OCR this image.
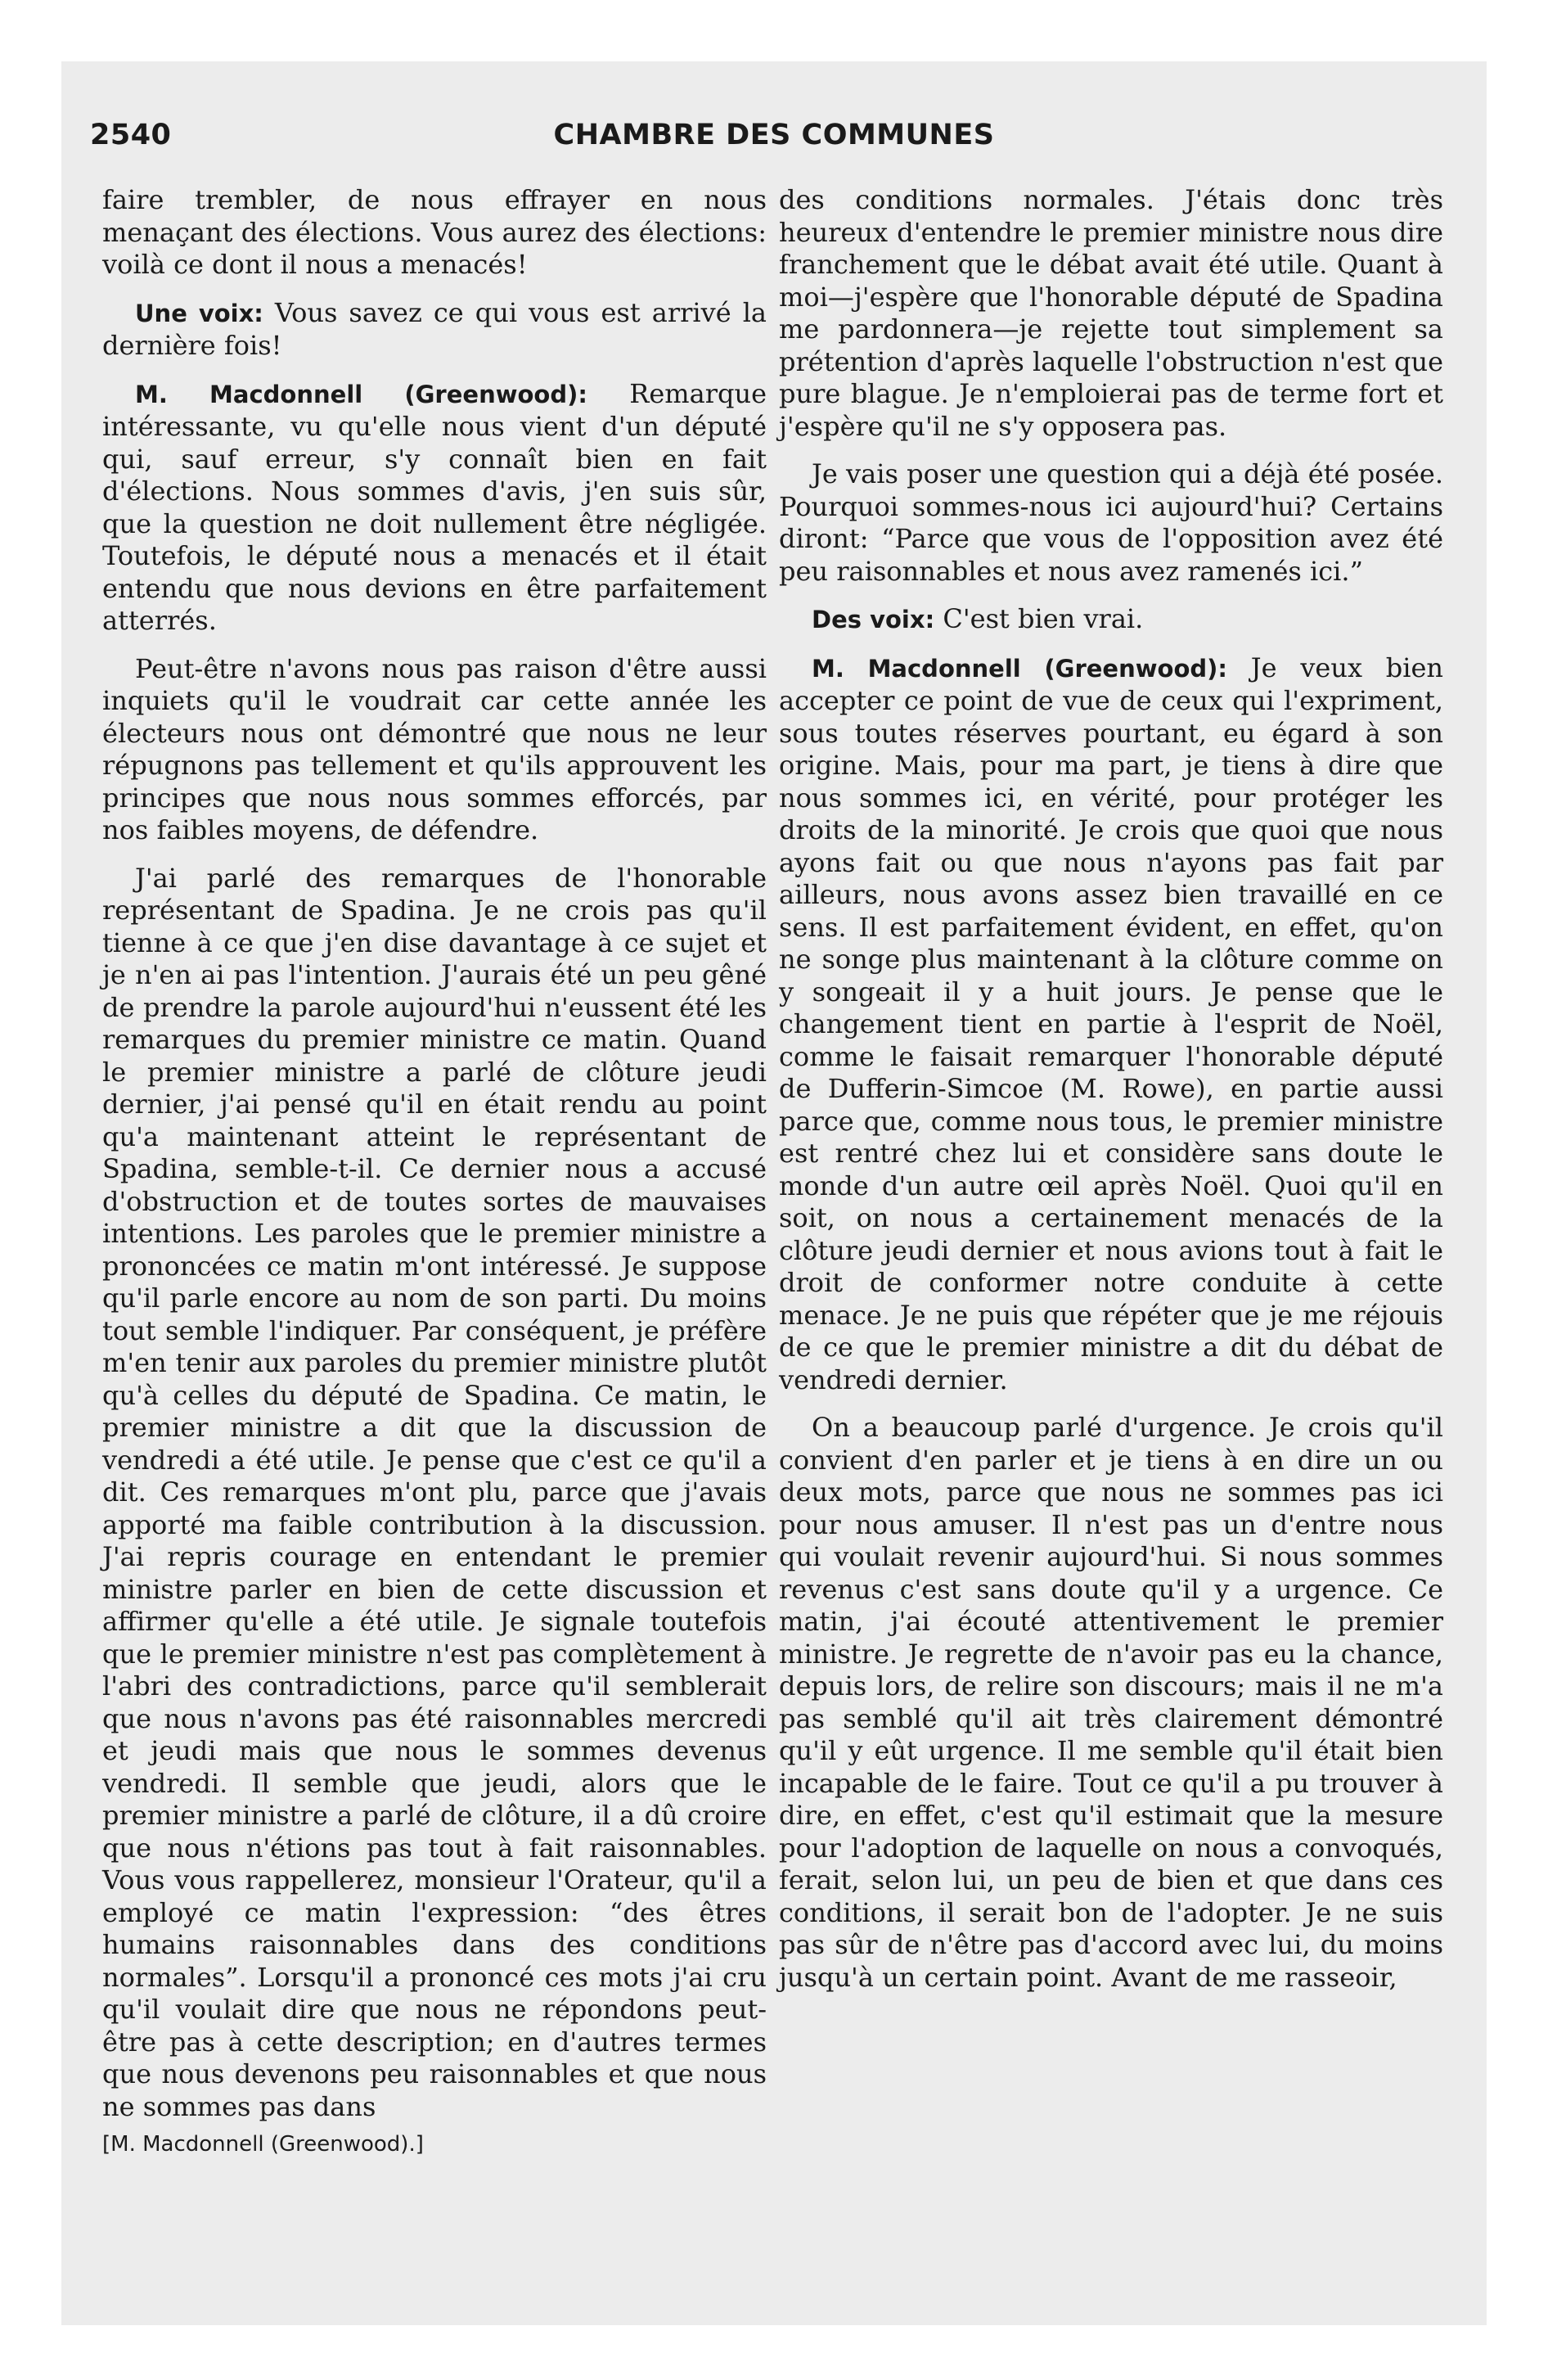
2540	CHAMBRE DES COMMUNES

faire trembler, de nous effrayer en nous menaçant des élections. Vous aurez des élections: voilà ce dont il nous a menacés!

Une voix: Vous savez ce qui vous est arrivé la dernière fois!

M. Macdonnell (Greenwood): Remarque intéressante, vu qu'elle nous vient d'un député qui, sauf erreur, s'y connaît bien en fait d'élections. Nous sommes d'avis, j'en suis sûr, que la question ne doit nullement être négligée. Toutefois, le député nous a menacés et il était entendu que nous devions en être parfaitement atterrés.

Peut-être n'avons nous pas raison d'être aussi inquiets qu'il le voudrait car cette année les électeurs nous ont démontré que nous ne leur répugnons pas tellement et qu'ils approuvent les principes que nous nous sommes efforcés, par nos faibles moyens, de défendre.

J'ai parlé des remarques de l'honorable représentant de Spadina. Je ne crois pas qu'il tienne à ce que j'en dise davantage à ce sujet et je n'en ai pas l'intention. J'aurais été un peu gêné de prendre la parole aujourd'hui n'eussent été les remarques du premier ministre ce matin. Quand le premier ministre a parlé de clôture jeudi dernier, j'ai pensé qu'il en était rendu au point qu'a maintenant atteint le représentant de Spadina, semble-t-il. Ce dernier nous a accusé d'obstruction et de toutes sortes de mauvaises intentions. Les paroles que le premier ministre a prononcées ce matin m'ont intéressé. Je suppose qu'il parle encore au nom de son parti. Du moins tout semble l'indiquer. Par conséquent, je préfère m'en tenir aux paroles du premier ministre plutôt qu'à celles du député de Spadina. Ce matin, le premier ministre a dit que la discussion de vendredi a été utile. Je pense que c'est ce qu'il a dit. Ces remarques m'ont plu, parce que j'avais apporté ma faible contribution à la discussion. J'ai repris courage en entendant le premier ministre parler en bien de cette discussion et affirmer qu'elle a été utile. Je signale toutefois que le premier ministre n'est pas complètement à l'abri des contradictions, parce qu'il semblerait que nous n'avons pas été raisonnables mercredi et jeudi mais que nous le sommes devenus vendredi. Il semble que jeudi, alors que le premier ministre a parlé de clôture, il a dû croire que nous n'étions pas tout à fait raisonnables. Vous vous rappellerez, monsieur l'Orateur, qu'il a employé ce matin l'expression: “des êtres humains raisonnables dans des conditions normales”. Lorsqu'il a prononcé ces mots j'ai cru qu'il voulait dire que nous ne répondons peut-être pas à cette description; en d'autres termes que nous devenons peu raisonnables et que nous ne sommes pas dans

des conditions normales. J'étais donc très heureux d'entendre le premier ministre nous dire franchement que le débat avait été utile. Quant à moi—j'espère que l'honorable député de Spadina me pardonnera—je rejette tout simplement sa prétention d'après laquelle l'obstruction n'est que pure blague. Je n'emploierai pas de terme fort et j'espère qu'il ne s'y opposera pas.

Je vais poser une question qui a déjà été posée. Pourquoi sommes-nous ici aujourd'hui? Certains diront: “Parce que vous de l'opposition avez été peu raisonnables et nous avez ramenés ici.”

Des voix: C'est bien vrai.

M. Macdonnell (Greenwood): Je veux bien accepter ce point de vue de ceux qui l'expriment, sous toutes réserves pourtant, eu égard à son origine. Mais, pour ma part, je tiens à dire que nous sommes ici, en vérité, pour protéger les droits de la minorité. Je crois que quoi que nous ayons fait ou que nous n'ayons pas fait par ailleurs, nous avons assez bien travaillé en ce sens. Il est parfaitement évident, en effet, qu'on ne songe plus maintenant à la clôture comme on y songeait il y a huit jours. Je pense que le changement tient en partie à l'esprit de Noël, comme le faisait remarquer l'honorable député de Dufferin-Simcoe (M. Rowe), en partie aussi parce que, comme nous tous, le premier ministre est rentré chez lui et considère sans doute le monde d'un autre œil après Noël. Quoi qu'il en soit, on nous a certainement menacés de la clôture jeudi dernier et nous avions tout à fait le droit de conformer notre conduite à cette menace. Je ne puis que répéter que je me réjouis de ce que le premier ministre a dit du débat de vendredi dernier.

On a beaucoup parlé d'urgence. Je crois qu'il convient d'en parler et je tiens à en dire un ou deux mots, parce que nous ne sommes pas ici pour nous amuser. Il n'est pas un d'entre nous qui voulait revenir aujourd'hui. Si nous sommes revenus c'est sans doute qu'il y a urgence. Ce matin, j'ai écouté attentivement le premier ministre. Je regrette de n'avoir pas eu la chance, depuis lors, de relire son discours; mais il ne m'a pas semblé qu'il ait très clairement démontré qu'il y eût urgence. Il me semble qu'il était bien incapable de le faire. Tout ce qu'il a pu trouver à dire, en effet, c'est qu'il estimait que la mesure pour l'adoption de laquelle on nous a convoqués, ferait, selon lui, un peu de bien et que dans ces conditions, il serait bon de l'adopter. Je ne suis pas sûr de n'être pas d'accord avec lui, du moins jusqu'à un certain point. Avant de me rasseoir,

[M. Macdonnell (Greenwood).]
